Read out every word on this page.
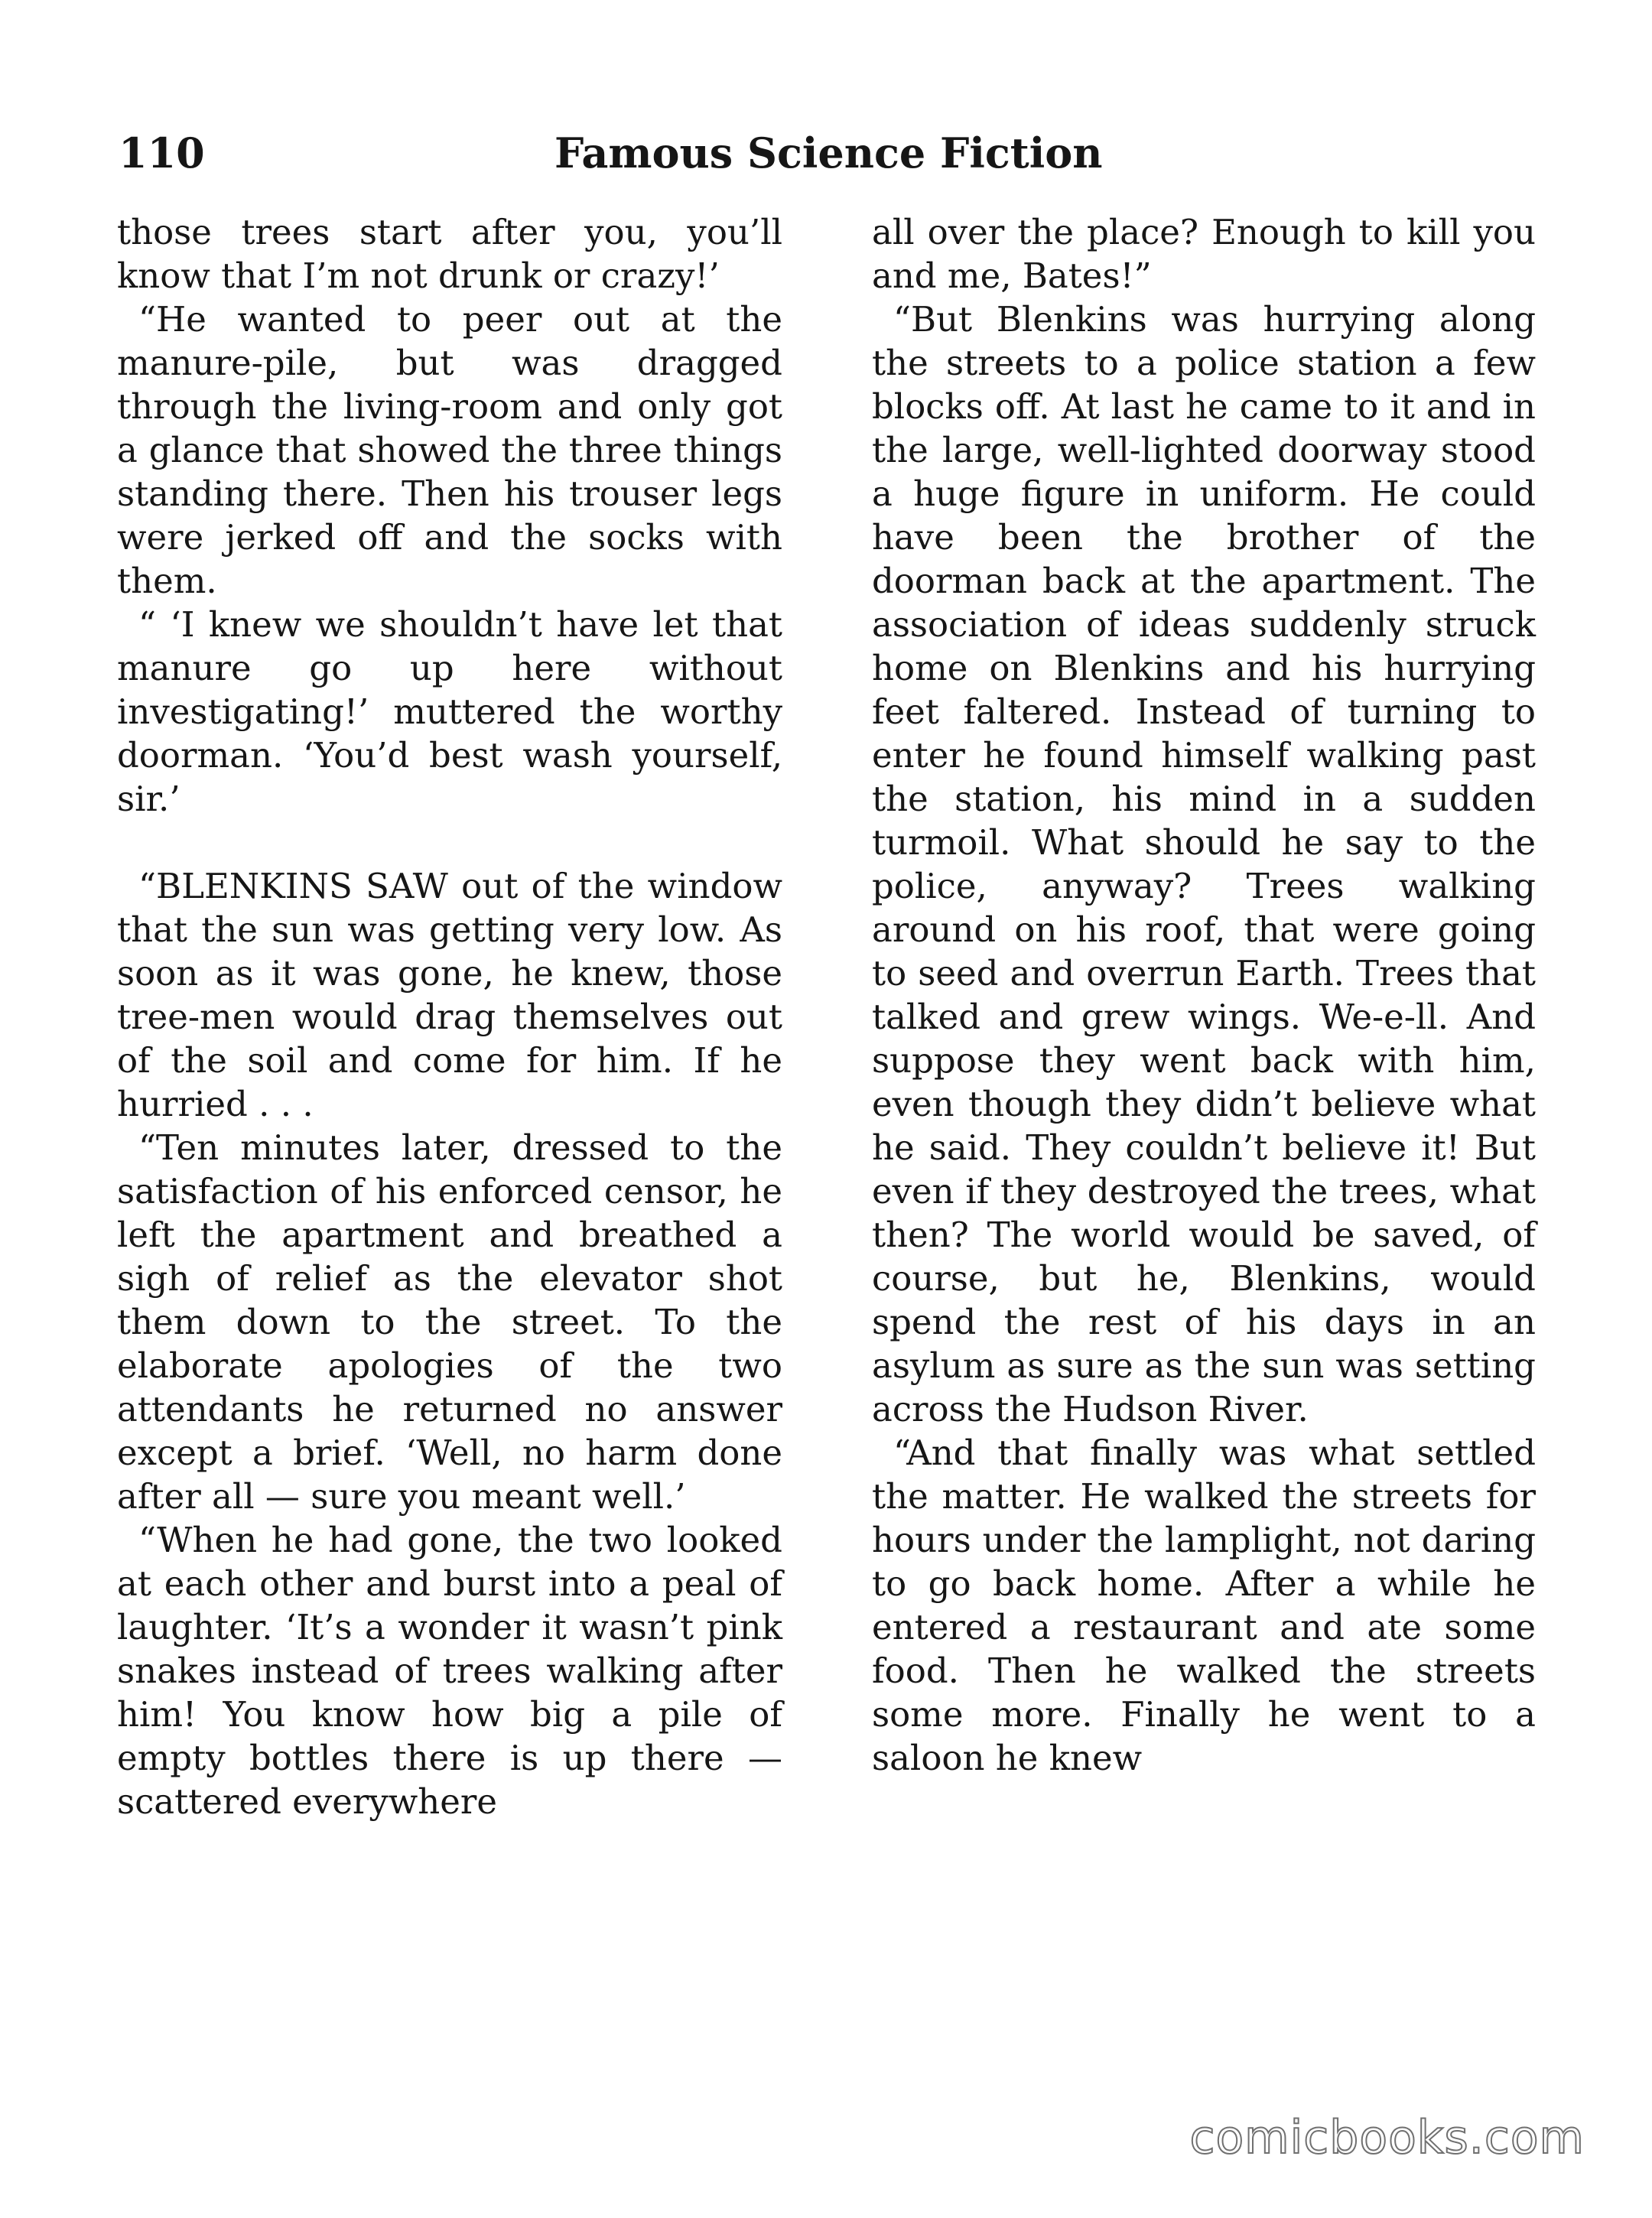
110	Famous Science Fiction

those trees start after you, you’ll know that I’m not drunk or crazy!’

“He wanted to peer out at the manure-pile, but was dragged through the living-room and only got a glance that showed the three things standing there. Then his trouser legs were jerked off and the socks with them.

“ ‘I knew we shouldn’t have let that manure go up here without investigating!’ muttered the worthy doorman. ‘You’d best wash yourself, sir.’

“BLENKINS SAW out of the window that the sun was getting very low. As soon as it was gone, he knew, those tree-men would drag themselves out of the soil and come for him. If he hurried . . .

“Ten minutes later, dressed to the satisfaction of his enforced censor, he left the apartment and breathed a sigh of relief as the elevator shot them down to the street. To the elaborate apologies of the two attendants he returned no answer except a brief. ‘Well, no harm done after all — sure you meant well.’

“When he had gone, the two looked at each other and burst into a peal of laughter. ‘It’s a wonder it wasn’t pink snakes instead of trees walking after him! You know how big a pile of empty bottles there is up there — scattered everywhere

all over the place? Enough to kill you and me, Bates!”

“But Blenkins was hurrying along the streets to a police station a few blocks off. At last he came to it and in the large, well-lighted doorway stood a huge figure in uniform. He could have been the brother of the doorman back at the apartment. The association of ideas suddenly struck home on Blenkins and his hurrying feet faltered. Instead of turning to enter he found himself walking past the station, his mind in a sudden turmoil. What should he say to the police, anyway? Trees walking around on his roof, that were going to seed and overrun Earth. Trees that talked and grew wings. We-e-ll. And suppose they went back with him, even though they didn’t believe what he said. They couldn’t believe it! But even if they destroyed the trees, what then? The world would be saved, of course, but he, Blenkins, would spend the rest of his days in an asylum as sure as the sun was setting across the Hudson River.

“And that finally was what settled the matter. He walked the streets for hours under the lamplight, not daring to go back home. After a while he entered a restaurant and ate some food. Then he walked the streets some more. Finally he went to a saloon he knew

comicbooks.com
